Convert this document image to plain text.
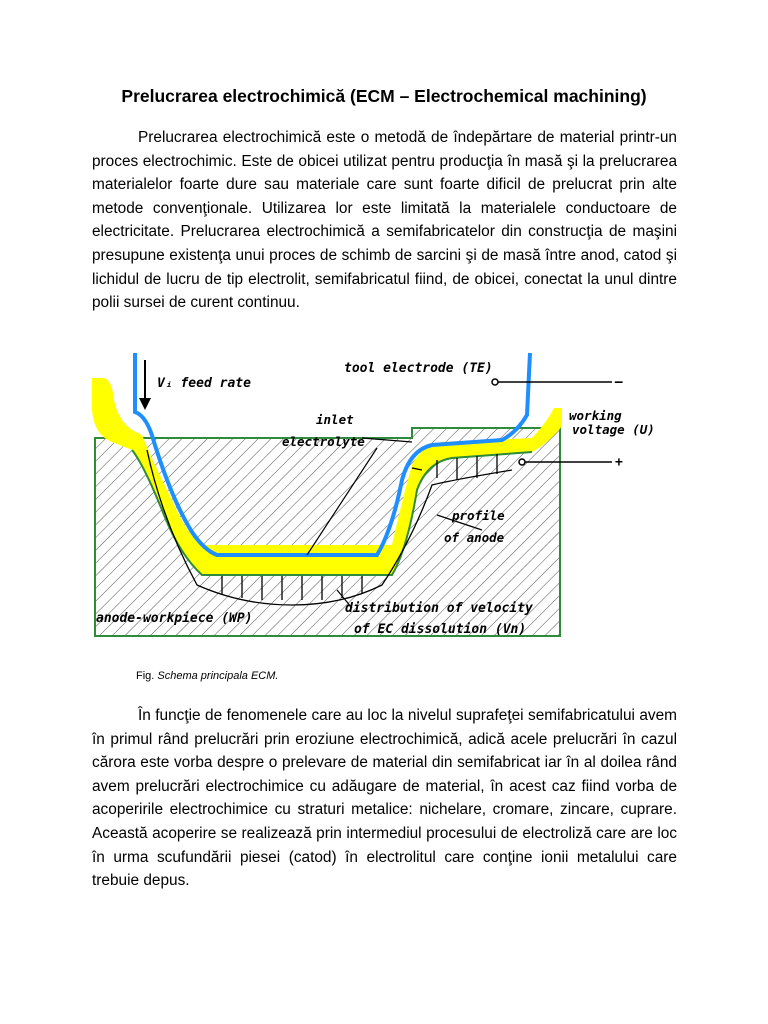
Prelucrarea electrochimică (ECM – Electrochemical machining)
Prelucrarea electrochimică este o metodă de îndepărtare de material printr-un proces electrochimic. Este de obicei utilizat pentru producţia în masă şi la prelucrarea materialelor foarte dure sau materiale care sunt foarte dificil de prelucrat prin alte metode convenţionale. Utilizarea lor este limitată la materialele conductoare de electricitate. Prelucrarea electrochimică a semifabricatelor din construcţia de maşini presupune existenţa unui proces de schimb de sarcini şi de masă între anod, catod şi lichidul de lucru de tip electrolit, semifabricatul fiind, de obicei, conectat la unul dintre polii sursei de curent continuu.
Vᵢ feed rate
tool electrode (TE)
–
working
voltage (U)
+
inlet
electrolyte
profile
of anode
anode-workpiece (WP)
distribution of velocity
of EC dissolution (Vn)
Fig. Schema principala ECM.
În funcţie de fenomenele care au loc la nivelul suprafeţei semifabricatului avem în primul rând prelucrări prin eroziune electrochimică, adică acele prelucrări în cazul cărora este vorba despre o prelevare de material din semifabricat iar în al doilea rând avem prelucrări electrochimice cu adăugare de material, în acest caz fiind vorba de acoperirile electrochimice cu straturi metalice: nichelare, cromare, zincare, cuprare. Această acoperire se realizează prin intermediul procesului de electroliză care are loc în urma scufundării piesei (catod) în electrolitul care conţine ionii metalului care trebuie depus.
